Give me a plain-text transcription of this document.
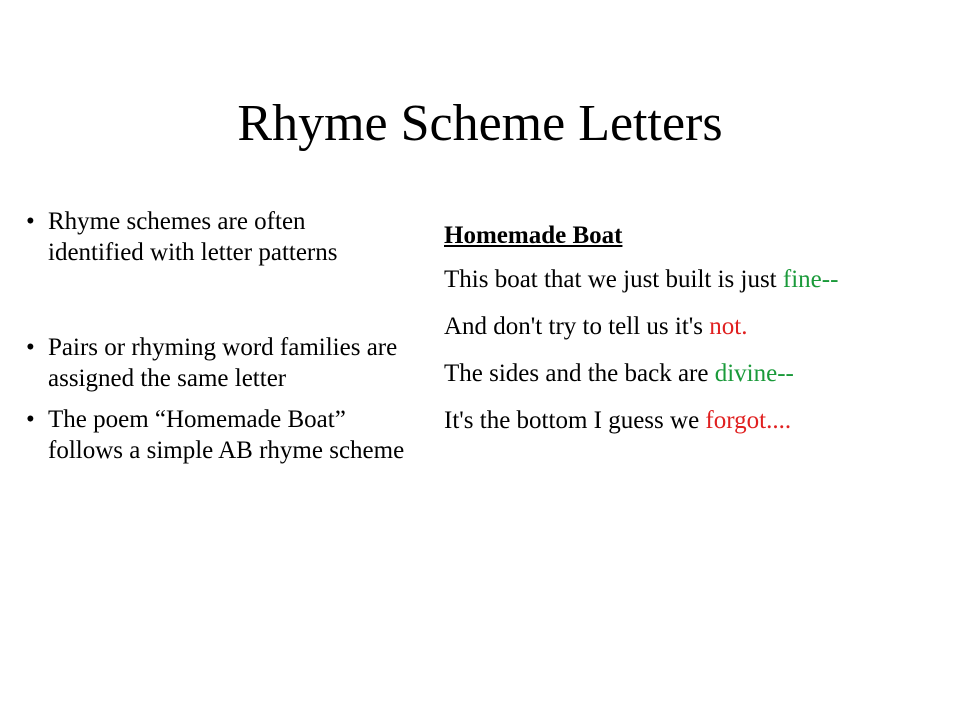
Rhyme Scheme Letters
• Rhyme schemes are often identified with letter patterns
• Pairs or rhyming word families are assigned the same letter
• The poem “Homemade Boat” follows a simple AB rhyme scheme
Homemade Boat
This boat that we just built is just fine--
And don't try to tell us it's not.
The sides and the back are divine--
It's the bottom I guess we forgot....
